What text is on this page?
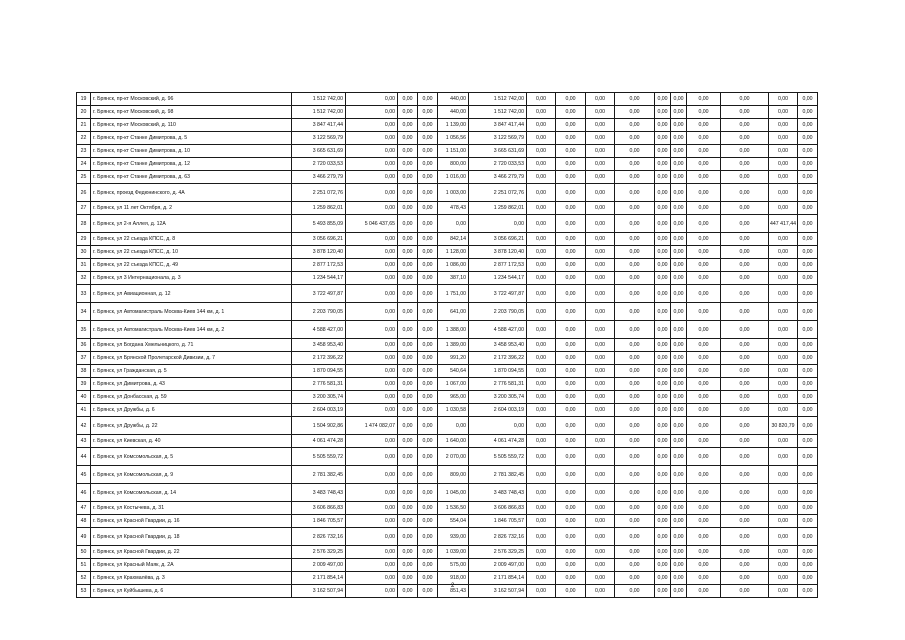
19	г. Брянск, пр-кт Московский, д. 96	1 512 742,00	0,00	0,00	0,00	440,00	1 512 742,00	0,00	0,00	0,00	0,00	0,00	0,00	0,00	0,00	0,00	0,00
20	г. Брянск, пр-кт Московский, д. 98	1 512 742,00	0,00	0,00	0,00	440,00	1 512 742,00	0,00	0,00	0,00	0,00	0,00	0,00	0,00	0,00	0,00	0,00
21	г. Брянск, пр-кт Московский, д. 110	3 847 417,44	0,00	0,00	0,00	1 139,00	3 847 417,44	0,00	0,00	0,00	0,00	0,00	0,00	0,00	0,00	0,00	0,00
22	г. Брянск, пр-кт Станке Димитрова, д. 5	3 122 569,79	0,00	0,00	0,00	1 056,56	3 122 569,79	0,00	0,00	0,00	0,00	0,00	0,00	0,00	0,00	0,00	0,00
23	г. Брянск, пр-кт Станке Димитрова, д. 10	3 665 631,69	0,00	0,00	0,00	1 151,00	3 665 631,69	0,00	0,00	0,00	0,00	0,00	0,00	0,00	0,00	0,00	0,00
24	г. Брянск, пр-кт Станке Димитрова, д. 12	2 720 033,53	0,00	0,00	0,00	800,00	2 720 033,53	0,00	0,00	0,00	0,00	0,00	0,00	0,00	0,00	0,00	0,00
25	г. Брянск, пр-кт Станке Димитрова, д. 63	3 466 279,79	0,00	0,00	0,00	1 016,00	3 466 279,79	0,00	0,00	0,00	0,00	0,00	0,00	0,00	0,00	0,00	0,00
26	г. Брянск, проезд Федюнинского, д. 4А	2 251 072,76	0,00	0,00	0,00	1 003,00	2 251 072,76	0,00	0,00	0,00	0,00	0,00	0,00	0,00	0,00	0,00	0,00
27	г. Брянск, ул 11 лет Октября, д. 2	1 259 862,01	0,00	0,00	0,00	478,43	1 259 862,01	0,00	0,00	0,00	0,00	0,00	0,00	0,00	0,00	0,00	0,00
28	г. Брянск, ул 2-я Аллея, д. 12А	5 493 855,09	5 046 437,65	0,00	0,00	0,00	0,00	0,00	0,00	0,00	0,00	0,00	0,00	0,00	0,00	447 417,44	0,00
29	г. Брянск, ул 22 съезда КПСС, д. 8	3 056 696,21	0,00	0,00	0,00	842,14	3 056 696,21	0,00	0,00	0,00	0,00	0,00	0,00	0,00	0,00	0,00	0,00
30	г. Брянск, ул 22 съезда КПСС, д. 10	3 878 120,40	0,00	0,00	0,00	1 128,00	3 878 120,40	0,00	0,00	0,00	0,00	0,00	0,00	0,00	0,00	0,00	0,00
31	г. Брянск, ул 22 съезда КПСС, д. 49	2 877 172,53	0,00	0,00	0,00	1 086,00	2 877 172,53	0,00	0,00	0,00	0,00	0,00	0,00	0,00	0,00	0,00	0,00
32	г. Брянск, ул 3 Интернационала, д. 3	1 234 544,17	0,00	0,00	0,00	387,10	1 234 544,17	0,00	0,00	0,00	0,00	0,00	0,00	0,00	0,00	0,00	0,00
33	г. Брянск, ул Авиационная, д. 12	3 722 497,87	0,00	0,00	0,00	1 751,00	3 722 497,87	0,00	0,00	0,00	0,00	0,00	0,00	0,00	0,00	0,00	0,00
34	г. Брянск, ул Автомагистраль Москва-Киев 144 км, д. 1	2 203 790,05	0,00	0,00	0,00	641,00	2 203 790,05	0,00	0,00	0,00	0,00	0,00	0,00	0,00	0,00	0,00	0,00
35	г. Брянск, ул Автомагистраль Москва-Киев 144 км, д. 2	4 588 427,00	0,00	0,00	0,00	1 388,00	4 588 427,00	0,00	0,00	0,00	0,00	0,00	0,00	0,00	0,00	0,00	0,00
36	г. Брянск, ул Богдана Хмельницкого, д. 71	3 458 953,40	0,00	0,00	0,00	1 389,00	3 458 953,40	0,00	0,00	0,00	0,00	0,00	0,00	0,00	0,00	0,00	0,00
37	г. Брянск, ул Брянской Пролетарской Дивизии, д. 7	2 172 396,22	0,00	0,00	0,00	991,20	2 172 396,22	0,00	0,00	0,00	0,00	0,00	0,00	0,00	0,00	0,00	0,00
38	г. Брянск, ул Гражданская, д. 5	1 870 094,55	0,00	0,00	0,00	540,64	1 870 094,55	0,00	0,00	0,00	0,00	0,00	0,00	0,00	0,00	0,00	0,00
39	г. Брянск, ул Димитрова, д. 43	2 776 581,31	0,00	0,00	0,00	1 067,00	2 776 581,31	0,00	0,00	0,00	0,00	0,00	0,00	0,00	0,00	0,00	0,00
40	г. Брянск, ул Донбасская, д. 59	3 200 305,74	0,00	0,00	0,00	965,00	3 200 305,74	0,00	0,00	0,00	0,00	0,00	0,00	0,00	0,00	0,00	0,00
41	г. Брянск, ул Дружбы, д. 6	2 604 003,19	0,00	0,00	0,00	1 030,58	2 604 003,19	0,00	0,00	0,00	0,00	0,00	0,00	0,00	0,00	0,00	0,00
42	г. Брянск, ул Дружбы, д. 22	1 504 902,86	1 474 082,07	0,00	0,00	0,00	0,00	0,00	0,00	0,00	0,00	0,00	0,00	0,00	0,00	30 820,79	0,00
43	г. Брянск, ул Киевская, д. 40	4 061 474,28	0,00	0,00	0,00	1 640,00	4 061 474,28	0,00	0,00	0,00	0,00	0,00	0,00	0,00	0,00	0,00	0,00
44	г. Брянск, ул Комсомольская, д. 5	5 505 559,72	0,00	0,00	0,00	2 070,00	5 505 559,72	0,00	0,00	0,00	0,00	0,00	0,00	0,00	0,00	0,00	0,00
45	г. Брянск, ул Комсомольская, д. 9	2 781 382,45	0,00	0,00	0,00	809,00	2 781 382,45	0,00	0,00	0,00	0,00	0,00	0,00	0,00	0,00	0,00	0,00
46	г. Брянск, ул Комсомольская, д. 14	3 483 748,43	0,00	0,00	0,00	1 045,00	3 483 748,43	0,00	0,00	0,00	0,00	0,00	0,00	0,00	0,00	0,00	0,00
47	г. Брянск, ул Костычева, д. 31	3 606 866,83	0,00	0,00	0,00	1 536,50	3 606 866,83	0,00	0,00	0,00	0,00	0,00	0,00	0,00	0,00	0,00	0,00
48	г. Брянск, ул Красной Гвардии, д. 16	1 846 705,57	0,00	0,00	0,00	554,04	1 846 705,57	0,00	0,00	0,00	0,00	0,00	0,00	0,00	0,00	0,00	0,00
49	г. Брянск, ул Красной Гвардии, д. 18	2 826 732,16	0,00	0,00	0,00	939,00	2 826 732,16	0,00	0,00	0,00	0,00	0,00	0,00	0,00	0,00	0,00	0,00
50	г. Брянск, ул Красной Гвардии, д. 22	2 576 329,25	0,00	0,00	0,00	1 039,00	2 576 329,25	0,00	0,00	0,00	0,00	0,00	0,00	0,00	0,00	0,00	0,00
51	г. Брянск, ул Красный Маяк, д. 2А	2 009 497,00	0,00	0,00	0,00	575,00	2 009 497,00	0,00	0,00	0,00	0,00	0,00	0,00	0,00	0,00	0,00	0,00
52	г. Брянск, ул Крахмалёва, д. 3	2 171 854,14	0,00	0,00	0,00	918,00	2 171 854,14	0,00	0,00	0,00	0,00	0,00	0,00	0,00	0,00	0,00	0,00
53	г. Брянск, ул Куйбышева, д. 6	3 162 507,94	0,00	0,00	0,00	851,43	3 162 507,94	0,00	0,00	0,00	0,00	0,00	0,00	0,00	0,00	0,00	0,00
2
